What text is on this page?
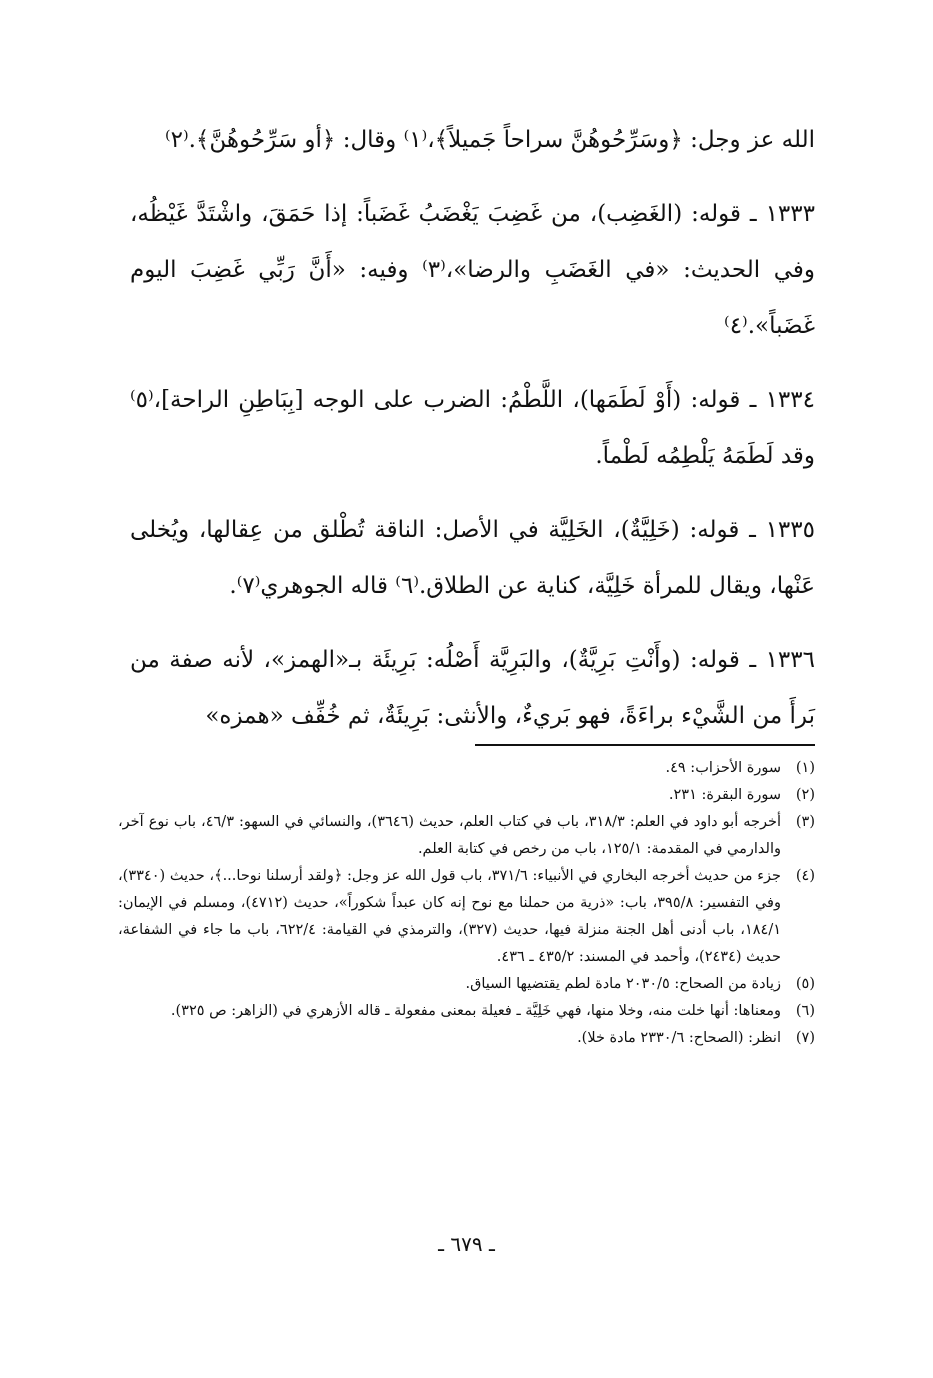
الله عز وجل: ﴿وسَرِّحُوهُنَّ سراحاً جَميلاً﴾،⁽١⁾ وقال: ﴿أو سَرِّحُوهُنَّ﴾.⁽٢⁾

١٣٣٣ ـ قوله: (الغَضِب)، من غَضِبَ يَغْضَبُ غَضَباً: إذا حَمَقَ، واشْتَدَّ غَيْظُه، وفي الحديث: «في الغَضَبِ والرضا»،⁽٣⁾ وفيه: «أَنَّ رَبِّي غَضِبَ اليوم غَضَباً».⁽٤⁾

١٣٣٤ ـ قوله: (أَوْ لَطَمَها)، اللَّطْمُ: الضرب على الوجه [بِبَاطِنِ الراحة]،⁽٥⁾ وقد لَطَمَهُ يَلْطِمُه لَطْماً.

١٣٣٥ ـ قوله: (خَلِيَّةٌ)، الخَلِيَّة في الأصل: الناقة تُطْلق من عِقالها، ويُخلى عَنْها، ويقال للمرأة خَلِيَّة، كناية عن الطلاق.⁽٦⁾ قاله الجوهري⁽٧⁾.

١٣٣٦ ـ قوله: (وأَنْتِ بَرِيَّةٌ)، والبَرِيَّة أَصْلُه: بَرِيئَة بـ«الهمز»، لأنه صفة من بَرأَ من الشَّيْء براءَةً، فهو بَريءٌ، والأنثى: بَرِيئَةٌ، ثم خُفِّف «همزه»

(١)
سورة الأحزاب: ٤٩.
(٢)
سورة البقرة: ٢٣١.
(٣)
أخرجه أبو داود في العلم: ٣١٨/٣، باب في كتاب العلم، حديث (٣٦٤٦)، والنسائي في السهو: ٤٦/٣، باب نوع آخر، والدارمي في المقدمة: ١٢٥/١، باب من رخص في كتابة العلم.
(٤)
جزء من حديث أخرجه البخاري في الأنبياء: ٣٧١/٦، باب قول الله عز وجل: ﴿ولقد أرسلنا نوحا...﴾، حديث (٣٣٤٠)، وفي التفسير: ٣٩٥/٨، باب: «ذرية من حملنا مع نوح إنه كان عبداً شكوراً»، حديث (٤٧١٢)، ومسلم في الإيمان: ١٨٤/١، باب أدنى أهل الجنة منزلة فيها، حديث (٣٢٧)، والترمذي في القيامة: ٦٢٢/٤، باب ما جاء في الشفاعة، حديث (٢٤٣٤)، وأحمد في المسند: ٤٣٥/٢ ـ ٤٣٦.
(٥)
زيادة من الصحاح: ٢٠٣٠/٥ مادة لطم يقتضيها السياق.
(٦)
ومعناها: أنها خلت منه، وخلا منها، فهي خَلِيَّة ـ فعيلة بمعنى مفعولة ـ قاله الأزهري في (الزاهر: ص ٣٢٥).
(٧)
انظر: (الصحاح: ٢٣٣٠/٦ مادة خلا).
ـ ٦٧٩ ـ
